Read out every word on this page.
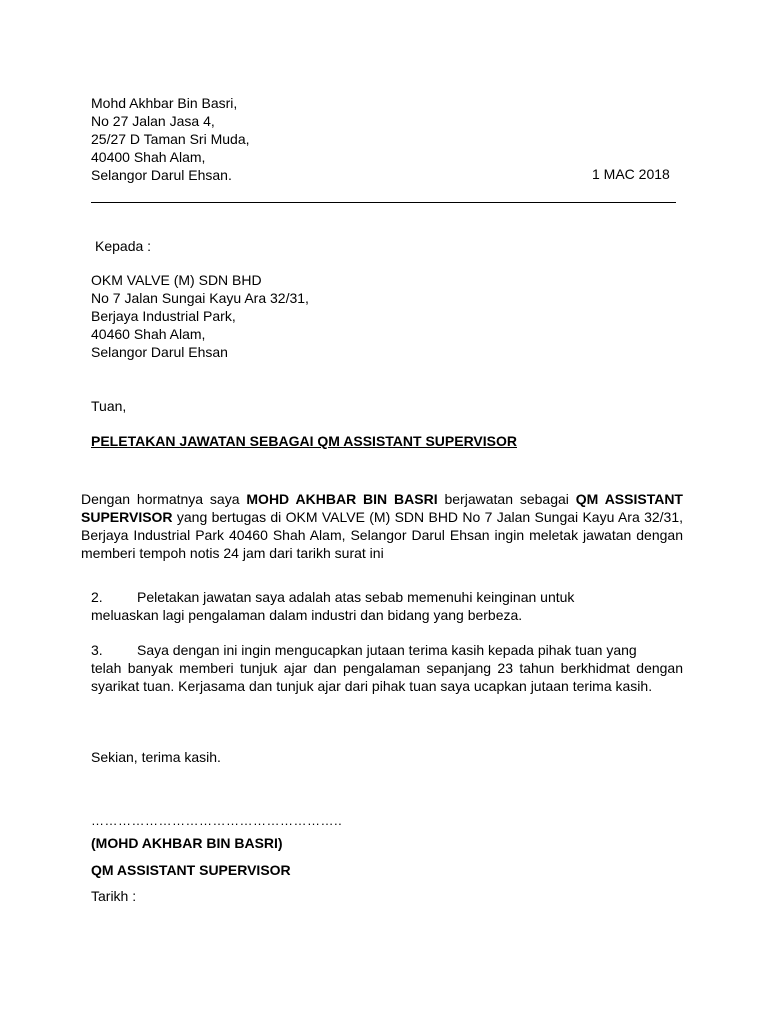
Mohd Akhbar Bin Basri,
No 27 Jalan Jasa 4,
25/27 D Taman Sri Muda,
40400 Shah Alam,
Selangor Darul Ehsan.	1 MAC 2018
Kepada :
OKM VALVE (M) SDN BHD
No 7 Jalan Sungai Kayu Ara 32/31,
Berjaya Industrial Park,
40460 Shah Alam,
Selangor Darul Ehsan
Tuan,
PELETAKAN JAWATAN SEBAGAI QM ASSISTANT SUPERVISOR
Dengan hormatnya saya MOHD AKHBAR BIN BASRI berjawatan sebagai QM ASSISTANT SUPERVISOR yang bertugas di OKM VALVE (M) SDN BHD No 7 Jalan Sungai Kayu Ara 32/31, Berjaya Industrial Park 40460 Shah Alam, Selangor Darul Ehsan ingin meletak jawatan dengan memberi tempoh notis 24 jam dari tarikh surat ini
2. Peletakan jawatan saya adalah atas sebab memenuhi keinginan untuk
meluaskan lagi pengalaman dalam industri dan bidang yang berbeza.
3. Saya dengan ini ingin mengucapkan jutaan terima kasih kepada pihak tuan yang
telah banyak memberi tunjuk ajar dan pengalaman sepanjang 23 tahun berkhidmat dengan syarikat tuan. Kerjasama dan tunjuk ajar dari pihak tuan saya ucapkan jutaan terima kasih.
Sekian, terima kasih.
………………………………………………..
(MOHD AKHBAR BIN BASRI)
QM ASSISTANT SUPERVISOR
Tarikh :
